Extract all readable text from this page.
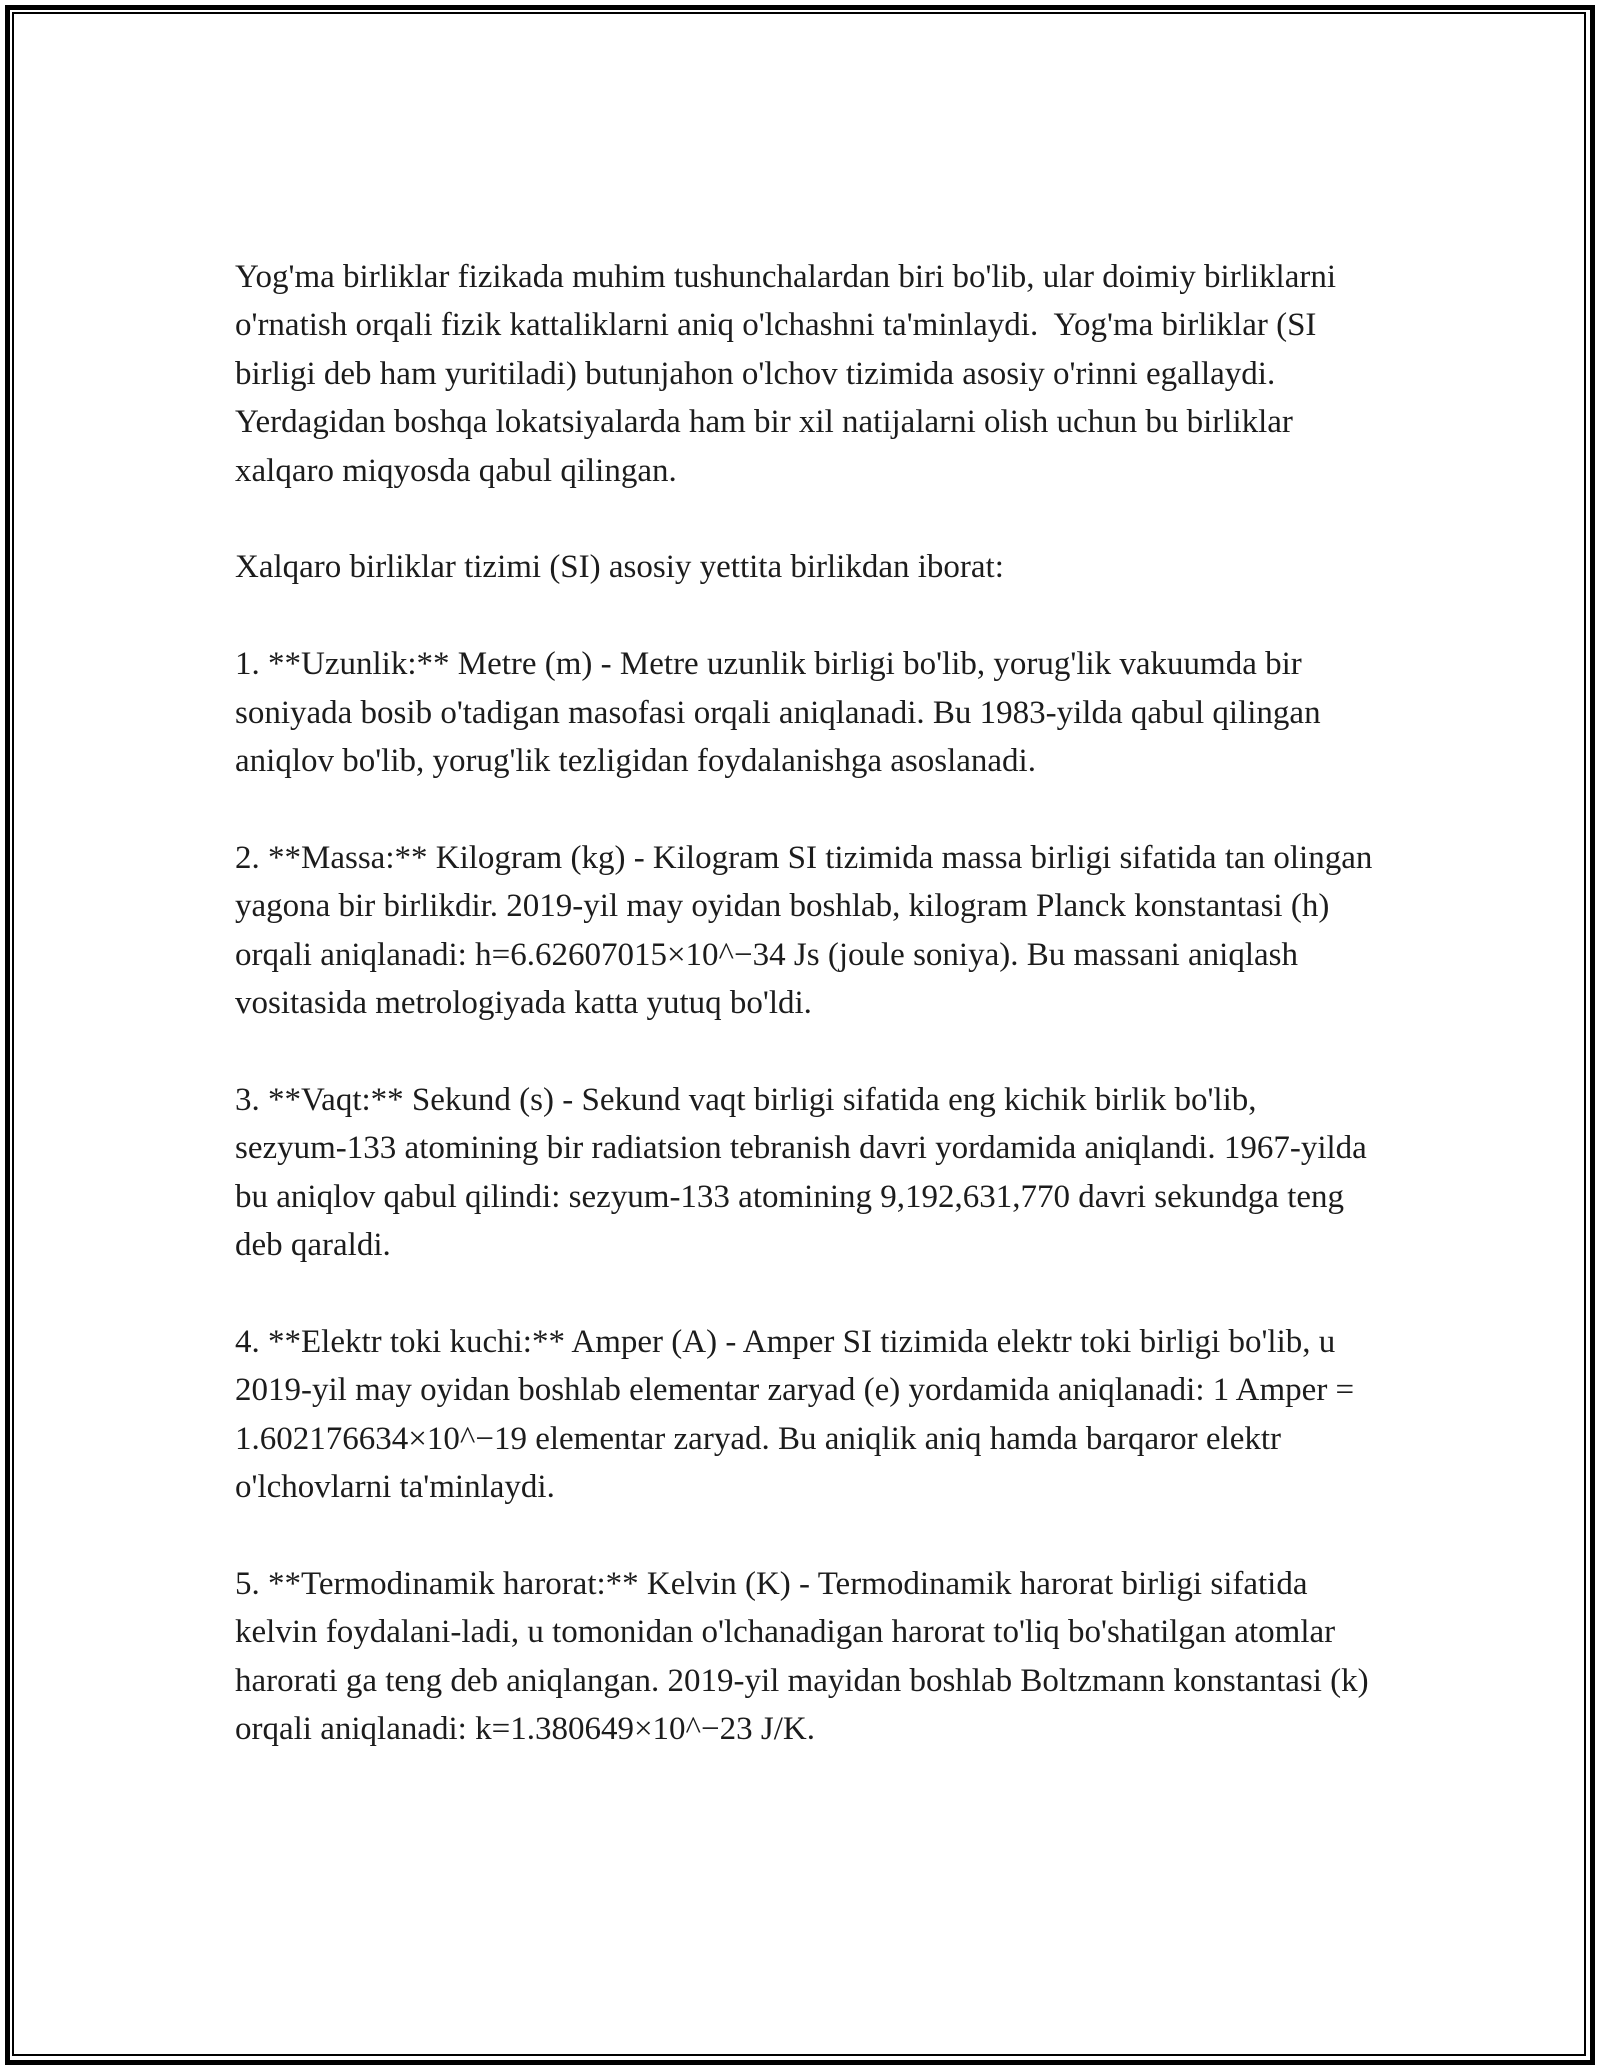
Yog'ma birliklar fizikada muhim tushunchalardan biri bo'lib, ular doimiy birliklarni o'rnatish orqali fizik kattaliklarni aniq o'lchashni ta'minlaydi.  Yog'ma birliklar (SI birligi deb ham yuritiladi) butunjahon o'lchov tizimida asosiy o'rinni egallaydi.  Yerdagidan boshqa lokatsiyalarda ham bir xil natijalarni olish uchun bu birliklar xalqaro miqyosda qabul qilingan.

Xalqaro birliklar tizimi (SI) asosiy yettita birlikdan iborat:

1. **Uzunlik:** Metre (m) - Metre uzunlik birligi bo'lib, yorug'lik vakuumda bir soniyada bosib o'tadigan masofasi orqali aniqlanadi. Bu 1983-yilda qabul qilingan aniqlov bo'lib, yorug'lik tezligidan foydalanishga asoslanadi.

2. **Massa:** Kilogram (kg) - Kilogram SI tizimida massa birligi sifatida tan olingan yagona bir birlikdir. 2019-yil may oyidan boshlab, kilogram Planck konstantasi (h) orqali aniqlanadi: h=6.62607015×10^−34 Js (joule soniya). Bu massani aniqlash vositasida metrologiyada katta yutuq bo'ldi.

3. **Vaqt:** Sekund (s) - Sekund vaqt birligi sifatida eng kichik birlik bo'lib, sezyum-133 atomining bir radiatsion tebranish davri yordamida aniqlandi. 1967-yilda bu aniqlov qabul qilindi: sezyum-133 atomining 9,192,631,770 davri sekundga teng deb qaraldi.

4. **Elektr toki kuchi:** Amper (A) - Amper SI tizimida elektr toki birligi bo'lib, u 2019-yil may oyidan boshlab elementar zaryad (e) yordamida aniqlanadi: 1 Amper = 1.602176634×10^−19 elementar zaryad. Bu aniqlik aniq hamda barqaror elektr o'lchovlarni ta'minlaydi.

5. **Termodinamik harorat:** Kelvin (K) - Termodinamik harorat birligi sifatida kelvin foydalani-ladi, u tomonidan o'lchanadigan harorat to'liq bo'shatilgan atomlar harorati ga teng deb aniqlangan. 2019-yil mayidan boshlab Boltzmann konstantasi (k) orqali aniqlanadi: k=1.380649×10^−23 J/K.
